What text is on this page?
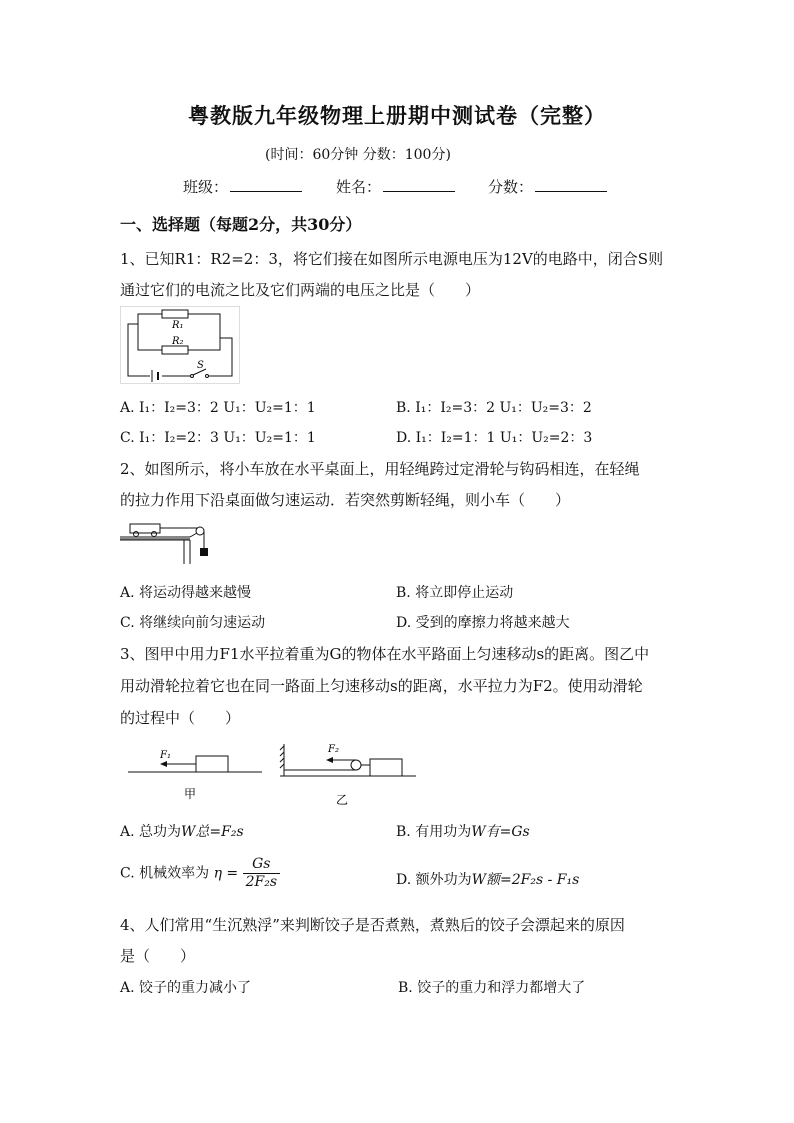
粤教版九年级物理上册期中测试卷（完整）
(时间：60分钟 分数：100分)
班级：	姓名：	分数：
一、选择题（每题2分，共30分）
1、已知R1：R2=2：3，将它们接在如图所示电源电压为12V的电路中，闭合S则
通过它们的电流之比及它们两端的电压之比是（　　）
R₁
R₂
S
A. I₁：I₂=3：2 U₁：U₂=1：1	B. I₁：I₂=3：2 U₁：U₂=3：2
C. I₁：I₂=2：3 U₁：U₂=1：1	D. I₁：I₂=1：1 U₁：U₂=2：3
2、如图所示，将小车放在水平桌面上，用轻绳跨过定滑轮与钩码相连，在轻绳
的拉力作用下沿桌面做匀速运动．若突然剪断轻绳，则小车（　　）
A. 将运动得越来越慢	B. 将立即停止运动
C. 将继续向前匀速运动	D. 受到的摩擦力将越来越大
3、图甲中用力F1水平拉着重为G的物体在水平路面上匀速移动s的距离。图乙中
用动滑轮拉着它也在同一路面上匀速移动s的距离，水平拉力为F2。使用动滑轮
的过程中（　　）
F₁
甲
F₂
乙
A. 总功为W总=F₂s	B. 有用功为W有=Gs
C. 机械效率为 $\eta = \frac{Gs}{\text{2F₂s}}$	D. 额外功为W额=2F₂s - F₁s
4、人们常用“生沉熟浮”来判断饺子是否煮熟，煮熟后的饺子会漂起来的原因
是（　　）
A. 饺子的重力减小了	B. 饺子的重力和浮力都增大了
